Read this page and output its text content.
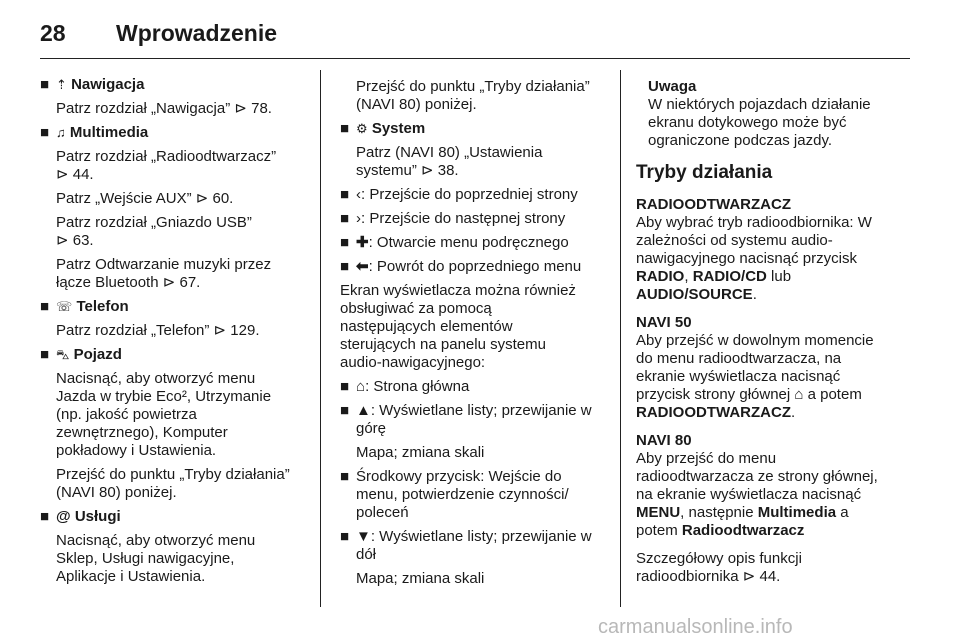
28 Wprowadzenie
■ ⇡ Nawigacja

Patrz rozdział „Nawigacja” ⊳ 78.

■ ♫ Multimedia

Patrz rozdział „Radioodtwarzacz”

⊳ 44.

Patrz „Wejście AUX” ⊳ 60.

Patrz rozdział „Gniazdo USB”

⊳ 63.

Patrz Odtwarzanie muzyki przez

łącze Bluetooth ⊳ 67.

■ ☏ Telefon

Patrz rozdział „Telefon” ⊳ 129.

■ ⛍ Pojazd

Nacisnąć, aby otworzyć menu

Jazda w trybie Eco², Utrzymanie

(np. jakość powietrza

zewnętrznego), Komputer

pokładowy i Ustawienia.

Przejść do punktu „Tryby działania”

(NAVI 80) poniżej.

■ @ Usługi

Nacisnąć, aby otworzyć menu

Sklep, Usługi nawigacyjne,

Aplikacje i Ustawienia.

Przejść do punktu „Tryby działania”

(NAVI 80) poniżej.

■ ⚙ System

Patrz (NAVI 80) „Ustawienia

systemu” ⊳ 38.

■ ‹: Przejście do poprzedniej strony
■ ›: Przejście do następnej strony
■ ✚: Otwarcie menu podręcznego
■ ⬅: Powrót do poprzedniego menu

Ekran wyświetlacza można również

obsługiwać za pomocą

następujących elementów

sterujących na panelu systemu

audio-nawigacyjnego:

■ ⌂: Strona główna
■ ▲: Wyświetlane listy; przewijanie w

górę

Mapa; zmiana skali

■ Środkowy przycisk: Wejście do

menu, potwierdzenie czynności/

poleceń

■ ▼: Wyświetlane listy; przewijanie w

dół

Mapa; zmiana skali

Uwaga

W niektórych pojazdach działanie

ekranu dotykowego może być

ograniczone podczas jazdy.

Tryby działania

RADIOODTWARZACZ

Aby wybrać tryb radioodbiornika: W

zależności od systemu audio-

nawigacyjnego nacisnąć przycisk

RADIO, RADIO/CD lub

AUDIO/SOURCE.

NAVI 50

Aby przejść w dowolnym momencie

do menu radioodtwarzacza, na

ekranie wyświetlacza nacisnąć

przycisk strony głównej ⌂ a potem

RADIOODTWARZACZ.

NAVI 80

Aby przejść do menu

radioodtwarzacza ze strony głównej,

na ekranie wyświetlacza nacisnąć

MENU, następnie Multimedia a

potem Radioodtwarzacz

Szczegółowy opis funkcji

radioodbiornika ⊳ 44.

carmanualsonline.info
